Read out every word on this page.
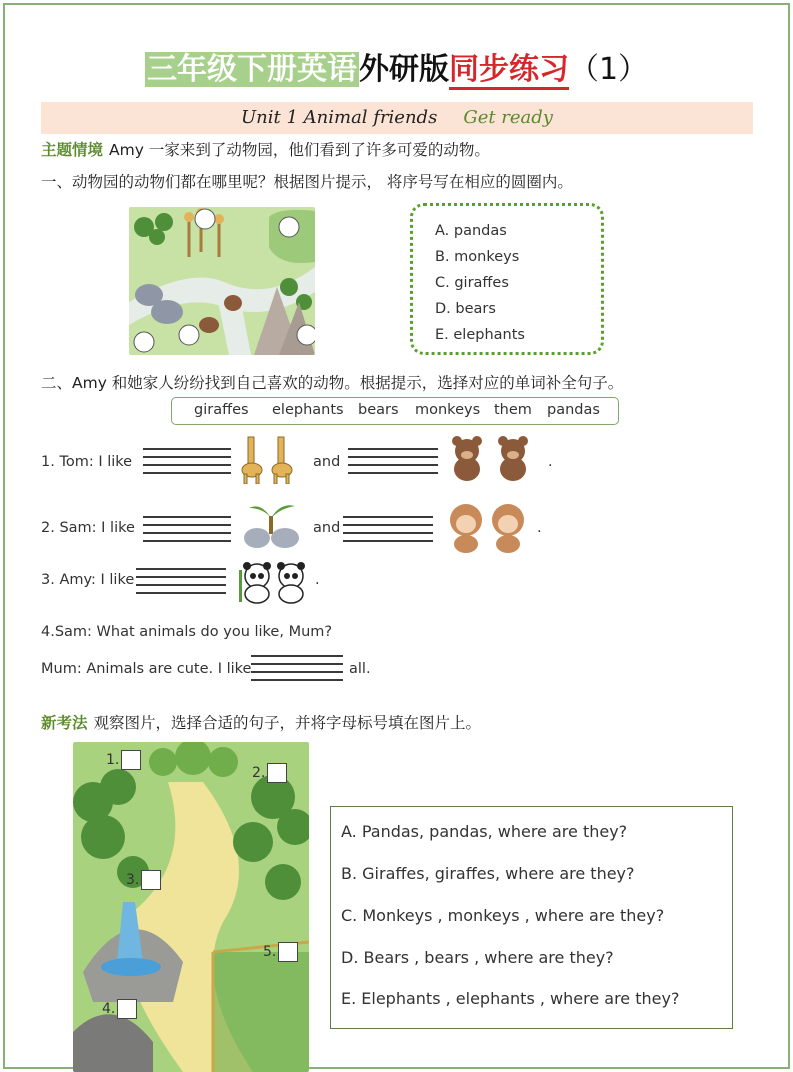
三年级下册英语外研版同步练习（1）
Unit 1 Animal friends Get ready
主题情境 Amy 一家来到了动物园，他们看到了许多可爱的动物。
一、动物园的动物们都在哪里呢？根据图片提示， 将序号写在相应的圆圈内。
A. pandas
B. monkeys
C. giraffes
D. bears
E. elephants
二、Amy 和她家人纷纷找到自己喜欢的动物。根据提示，选择对应的单词补全句子。
giraffes elephants bears monkeys them pandas
1. Tom: I like	and	.
2. Sam: I like	and	.
3. Amy: I like	.
4.Sam: What animals do you like, Mum?
Mum: Animals are cute. I like	all.
新考法 观察图片，选择合适的句子，并将字母标号填在图片上。
1.
2.
3.
4.
5.
A. Pandas, pandas, where are they?
B. Giraffes, giraffes, where are they?
C. Monkeys , monkeys , where are they?
D. Bears , bears , where are they?
E. Elephants , elephants , where are they?
